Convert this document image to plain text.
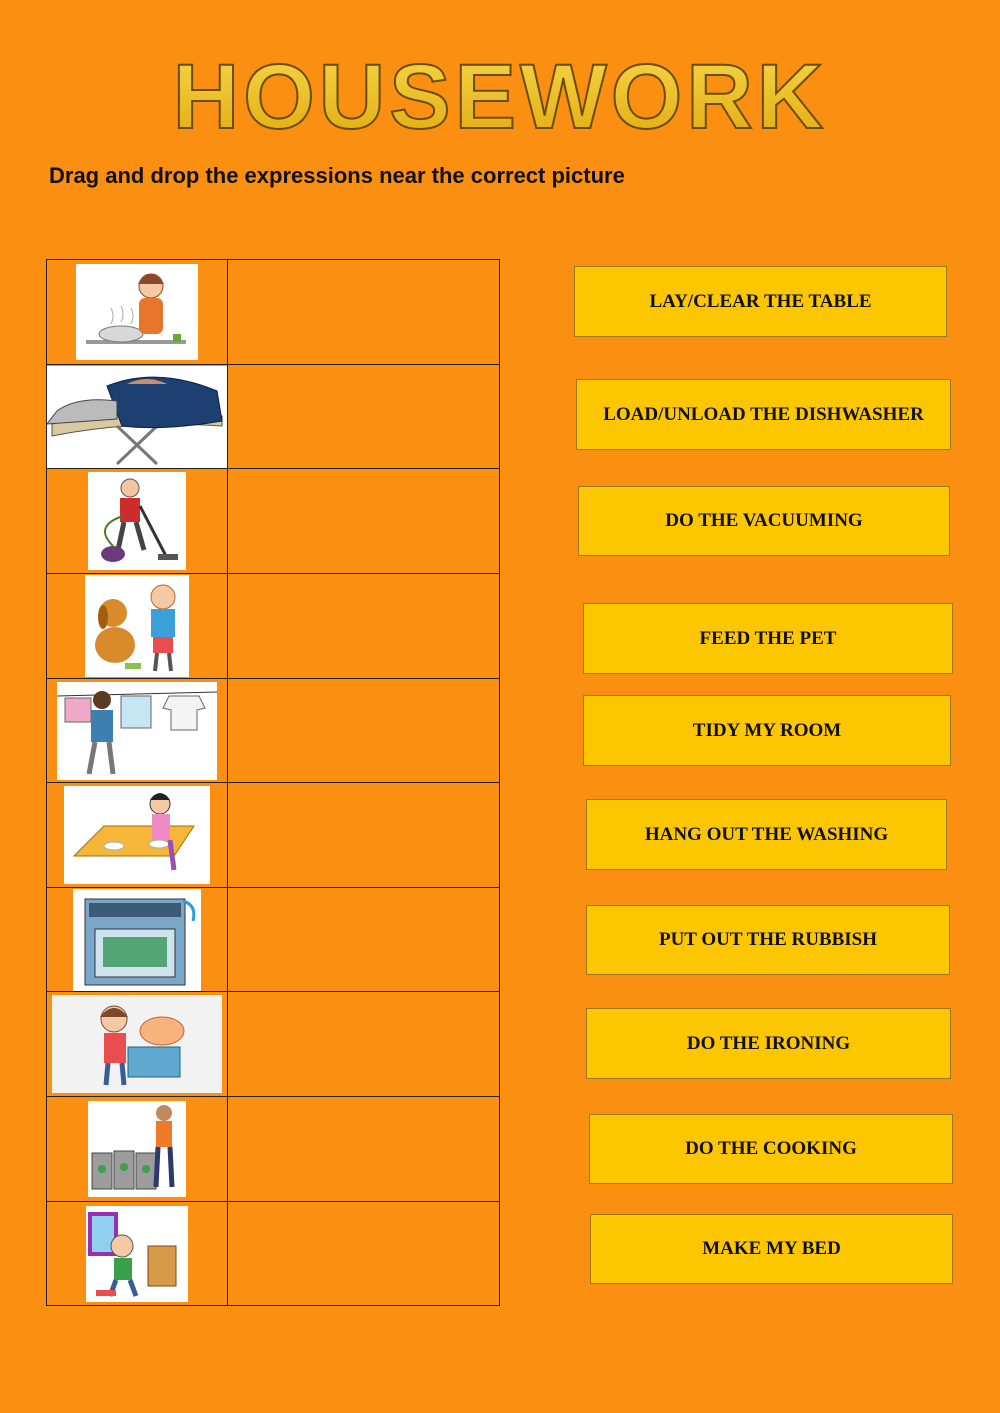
HOUSEWORK
Drag and drop the expressions near the correct picture

LAY/CLEAR THE TABLE
LOAD/UNLOAD THE DISHWASHER
DO THE VACUUMING
FEED THE PET
TIDY MY ROOM
HANG OUT THE WASHING
PUT OUT THE RUBBISH
DO THE IRONING
DO THE COOKING
MAKE MY BED
